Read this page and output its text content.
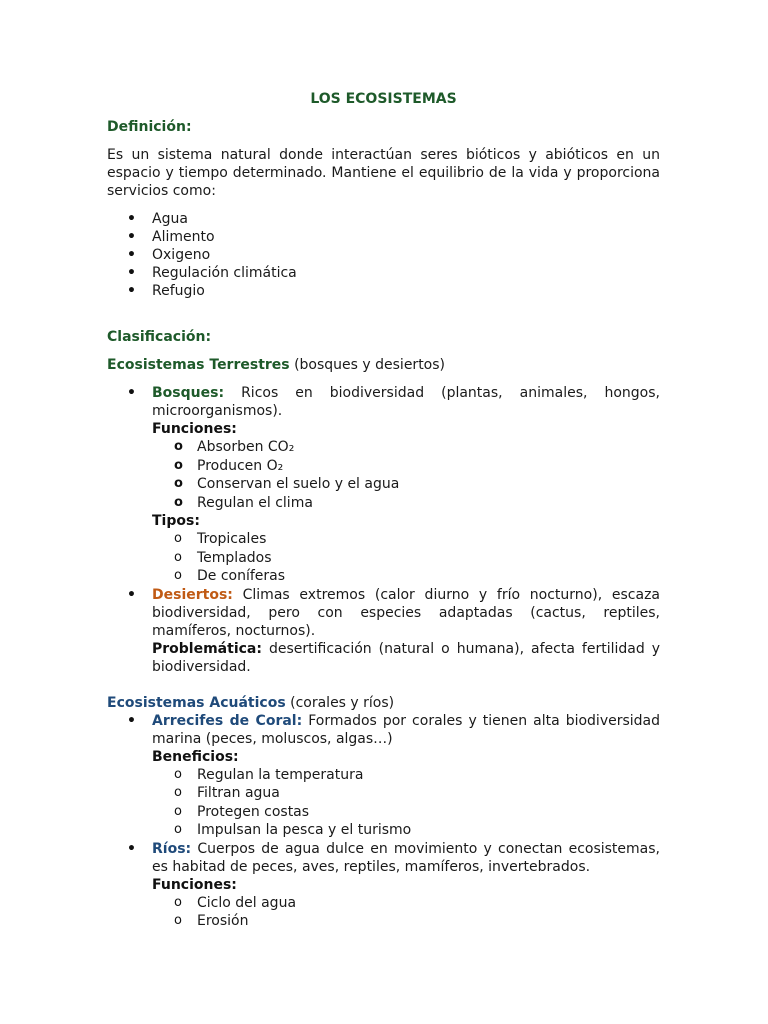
LOS ECOSISTEMAS
Definición:

Es un sistema natural donde interactúan seres bióticos y abióticos en un espacio y tiempo determinado. Mantiene el equilibrio de la vida y proporciona servicios como:

• Agua
• Alimento
• Oxigeno
• Regulación climática
• Refugio
Clasificación:
Ecosistemas Terrestres (bosques y desiertos)

• Bosques: Ricos en biodiversidad (plantas, animales, hongos, microorganismos).

Funciones:
o Absorben CO₂
o Producen O₂
o Conservan el suelo y el agua
o Regulan el clima
Tipos:
o Tropicales
o Templados
o De coníferas

• Desiertos: Climas extremos (calor diurno y frío nocturno), escaza biodiversidad, pero con especies adaptadas (cactus, reptiles, mamíferos, nocturnos).

Problemática: desertificación (natural o humana), afecta fertilidad y biodiversidad.

Ecosistemas Acuáticos (corales y ríos)

• Arrecifes de Coral: Formados por corales y tienen alta biodiversidad marina (peces, moluscos, algas…)

Beneficios:
o Regulan la temperatura
o Filtran agua
o Protegen costas
o Impulsan la pesca y el turismo

• Ríos: Cuerpos de agua dulce en movimiento y conectan ecosistemas, es habitad de peces, aves, reptiles, mamíferos, invertebrados.

Funciones:
o Ciclo del agua
o Erosión
